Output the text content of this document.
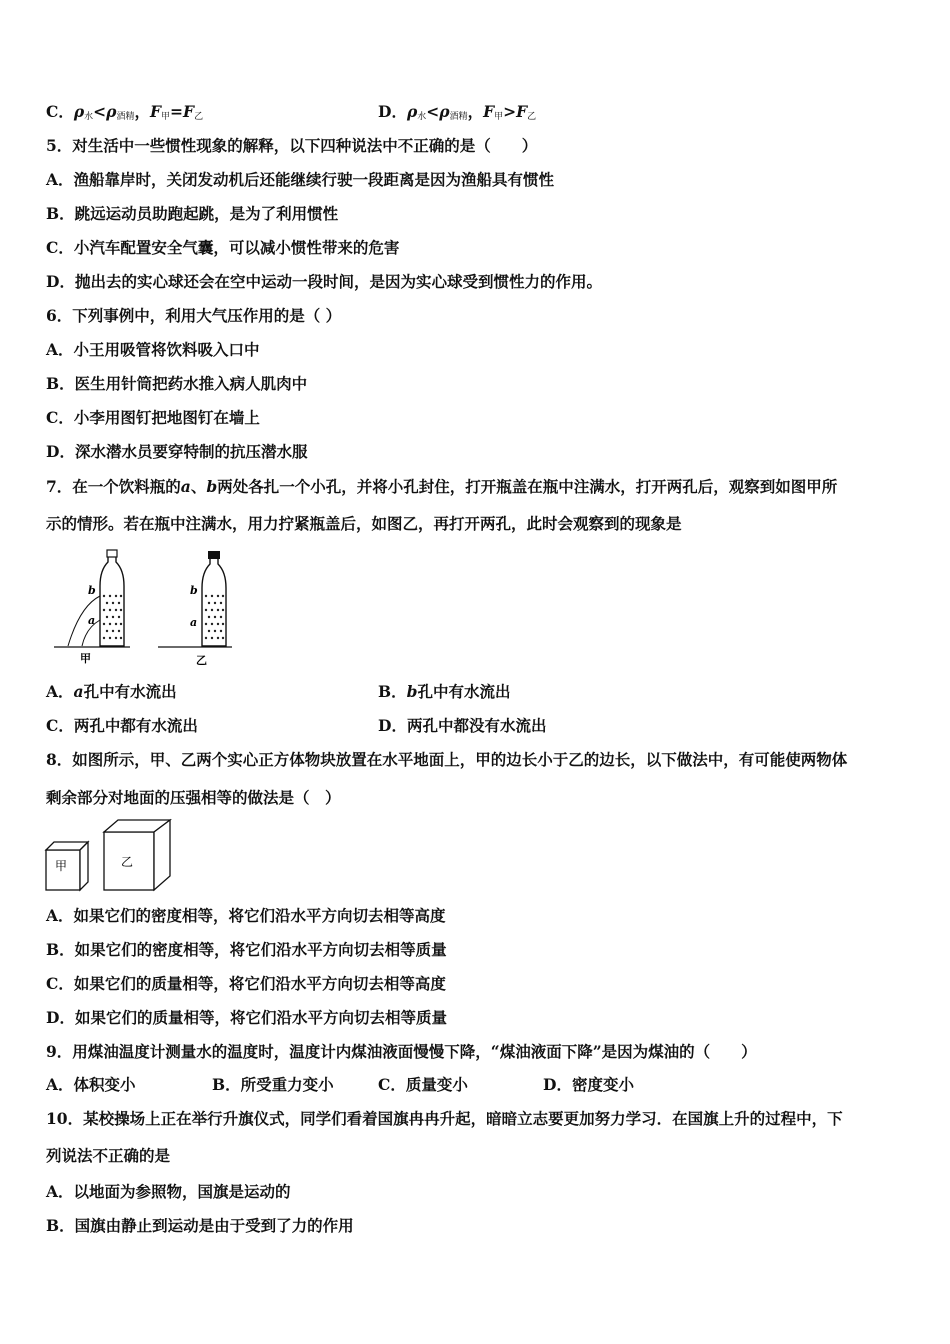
C．ρ水<ρ酒精，F甲=F乙	D．ρ水<ρ酒精，F甲>F乙
5．对生活中一些惯性现象的解释，以下四种说法中不正确的是（　　）
A．渔船靠岸时，关闭发动机后还能继续行驶一段距离是因为渔船具有惯性
B．跳远运动员助跑起跳，是为了利用惯性
C．小汽车配置安全气囊，可以减小惯性带来的危害
D．抛出去的实心球还会在空中运动一段时间，是因为实心球受到惯性力的作用。
6．下列事例中，利用大气压作用的是（ ）
A．小王用吸管将饮料吸入口中
B．医生用针筒把药水推入病人肌肉中
C．小李用图钉把地图钉在墙上
D．深水潜水员要穿特制的抗压潜水服
7．在一个饮料瓶的a、b两处各扎一个小孔，并将小孔封住，打开瓶盖在瓶中注满水，打开两孔后，观察到如图甲所
示的情形。若在瓶中注满水，用力拧紧瓶盖后，如图乙，再打开两孔，此时会观察到的现象是
b
a
甲
b
a
乙
A．a孔中有水流出	B．b孔中有水流出
C．两孔中都有水流出	D．两孔中都没有水流出
8．如图所示，甲、乙两个实心正方体物块放置在水平地面上，甲的边长小于乙的边长，以下做法中，有可能使两物体
剩余部分对地面的压强相等的做法是（　）
甲	乙
A．如果它们的密度相等，将它们沿水平方向切去相等高度
B．如果它们的密度相等，将它们沿水平方向切去相等质量
C．如果它们的质量相等，将它们沿水平方向切去相等高度
D．如果它们的质量相等，将它们沿水平方向切去相等质量
9．用煤油温度计测量水的温度时，温度计内煤油液面慢慢下降，“煤油液面下降”是因为煤油的（　　）
A．体积变小	B．所受重力变小	C．质量变小	D．密度变小
10．某校操场上正在举行升旗仪式，同学们看着国旗冉冉升起，暗暗立志要更加努力学习．在国旗上升的过程中，下
列说法不正确的是
A．以地面为参照物，国旗是运动的
B．国旗由静止到运动是由于受到了力的作用
